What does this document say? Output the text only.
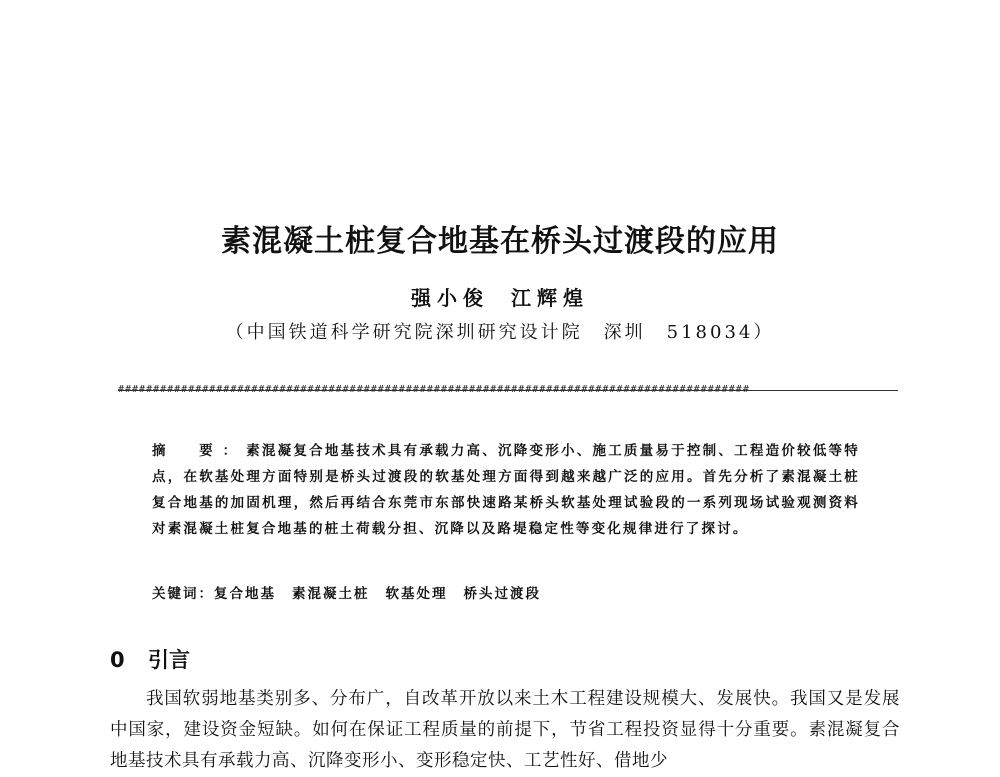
素混凝土桩复合地基在桥头过渡段的应用
强小俊 江辉煌
（中国铁道科学研究院深圳研究设计院　深圳　518034）
##########################################################################################
摘　要：素混凝复合地基技术具有承载力高、沉降变形小、施工质量易于控制、工程造价较低等特点，在软基处理方面特别是桥头过渡段的软基处理方面得到越来越广泛的应用。首先分析了素混凝土桩复合地基的加固机理，然后再结合东莞市东部快速路某桥头软基处理试验段的一系列现场试验观测资料对素混凝土桩复合地基的桩土荷载分担、沉降以及路堤稳定性等变化规律进行了探讨。
关键词：复合地基 素混凝土桩 软基处理 桥头过渡段
0 引言

我国软弱地基类别多、分布广，自改革开放以来土木工程建设规模大、发展快。我国又是发展中国家，建设资金短缺。如何在保证工程质量的前提下，节省工程投资显得十分重要。素混凝复合地基技术具有承载力高、沉降变形小、变形稳定快、工艺性好、借地少
